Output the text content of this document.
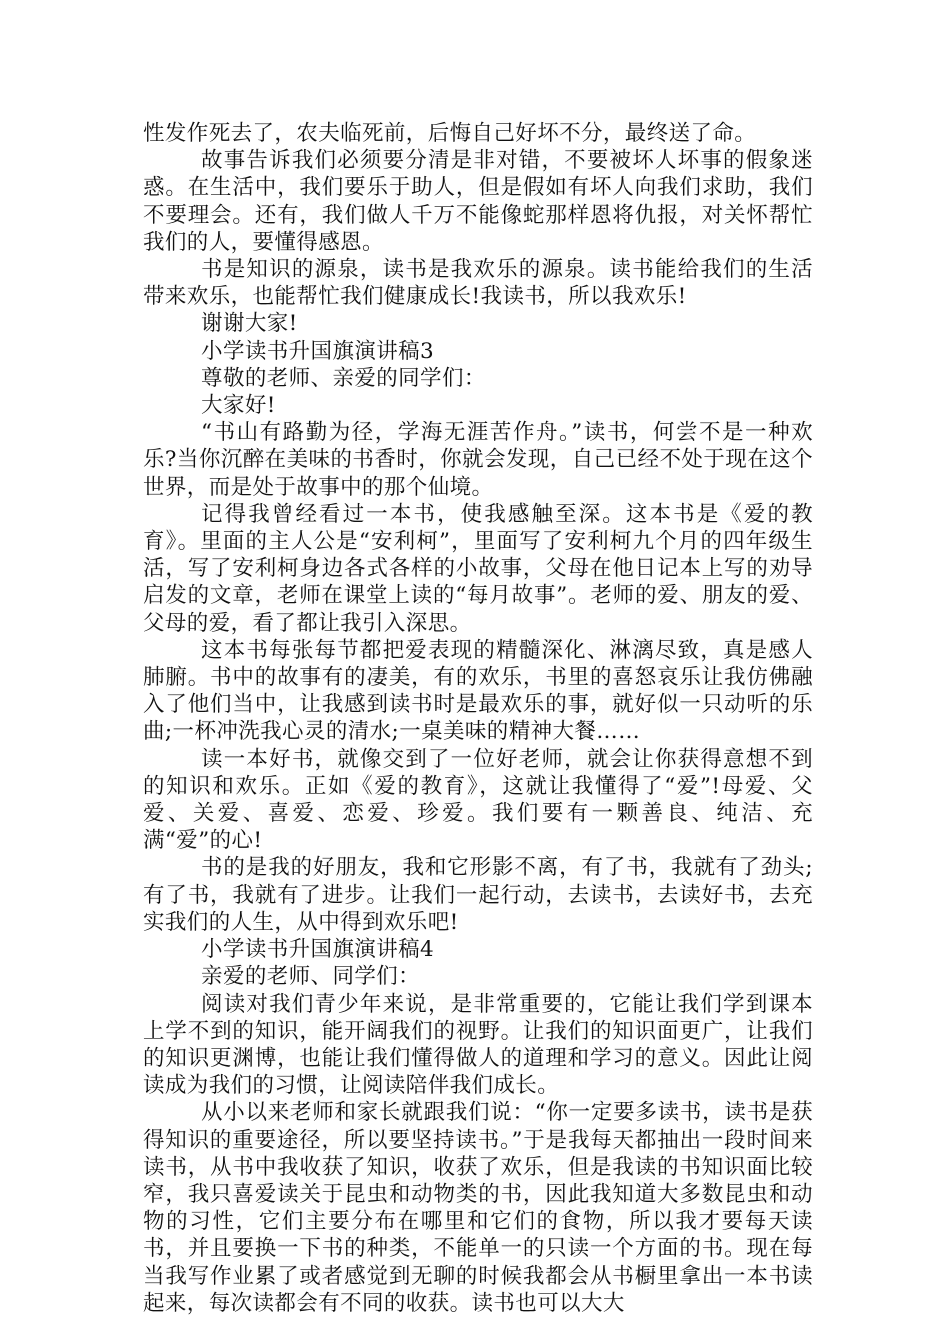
性发作死去了，农夫临死前，后悔自己好坏不分，最终送了命。

故事告诉我们必须要分清是非对错，不要被坏人坏事的假象迷惑。在生活中，我们要乐于助人，但是假如有坏人向我们求助，我们不要理会。还有，我们做人千万不能像蛇那样恩将仇报，对关怀帮忙我们的人，要懂得感恩。

书是知识的源泉，读书是我欢乐的源泉。读书能给我们的生活带来欢乐，也能帮忙我们健康成长!我读书，所以我欢乐!

谢谢大家!

小学读书升国旗演讲稿3

尊敬的老师、亲爱的同学们：

大家好!

“书山有路勤为径，学海无涯苦作舟。”读书，何尝不是一种欢乐?当你沉醉在美味的书香时，你就会发现，自己已经不处于现在这个世界，而是处于故事中的那个仙境。

记得我曾经看过一本书，使我感触至深。这本书是《爱的教育》。里面的主人公是“安利柯”，里面写了安利柯九个月的四年级生活，写了安利柯身边各式各样的小故事，父母在他日记本上写的劝导启发的文章，老师在课堂上读的“每月故事”。老师的爱、朋友的爱、父母的爱，看了都让我引入深思。

这本书每张每节都把爱表现的精髓深化、淋漓尽致，真是感人肺腑。书中的故事有的凄美，有的欢乐，书里的喜怒哀乐让我仿佛融入了他们当中，让我感到读书时是最欢乐的事，就好似一只动听的乐曲;一杯冲洗我心灵的清水;一桌美味的精神大餐……

读一本好书，就像交到了一位好老师，就会让你获得意想不到的知识和欢乐。正如《爱的教育》，这就让我懂得了“爱”!母爱、父爱、关爱、喜爱、恋爱、珍爱。我们要有一颗善良、纯洁、充满“爱”的心!

书的是我的好朋友，我和它形影不离，有了书，我就有了劲头;有了书，我就有了进步。让我们一起行动，去读书，去读好书，去充实我们的人生，从中得到欢乐吧!

小学读书升国旗演讲稿4

亲爱的老师、同学们：

阅读对我们青少年来说，是非常重要的，它能让我们学到课本上学不到的知识，能开阔我们的视野。让我们的知识面更广，让我们的知识更渊博，也能让我们懂得做人的道理和学习的意义。因此让阅读成为我们的习惯，让阅读陪伴我们成长。

从小以来老师和家长就跟我们说：“你一定要多读书，读书是获得知识的重要途径，所以要坚持读书。”于是我每天都抽出一段时间来读书，从书中我收获了知识，收获了欢乐，但是我读的书知识面比较窄，我只喜爱读关于昆虫和动物类的书，因此我知道大多数昆虫和动物的习性，它们主要分布在哪里和它们的食物，所以我才要每天读书，并且要换一下书的种类，不能单一的只读一个方面的书。现在每当我写作业累了或者感觉到无聊的时候我都会从书橱里拿出一本书读起来，每次读都会有不同的收获。读书也可以大大
